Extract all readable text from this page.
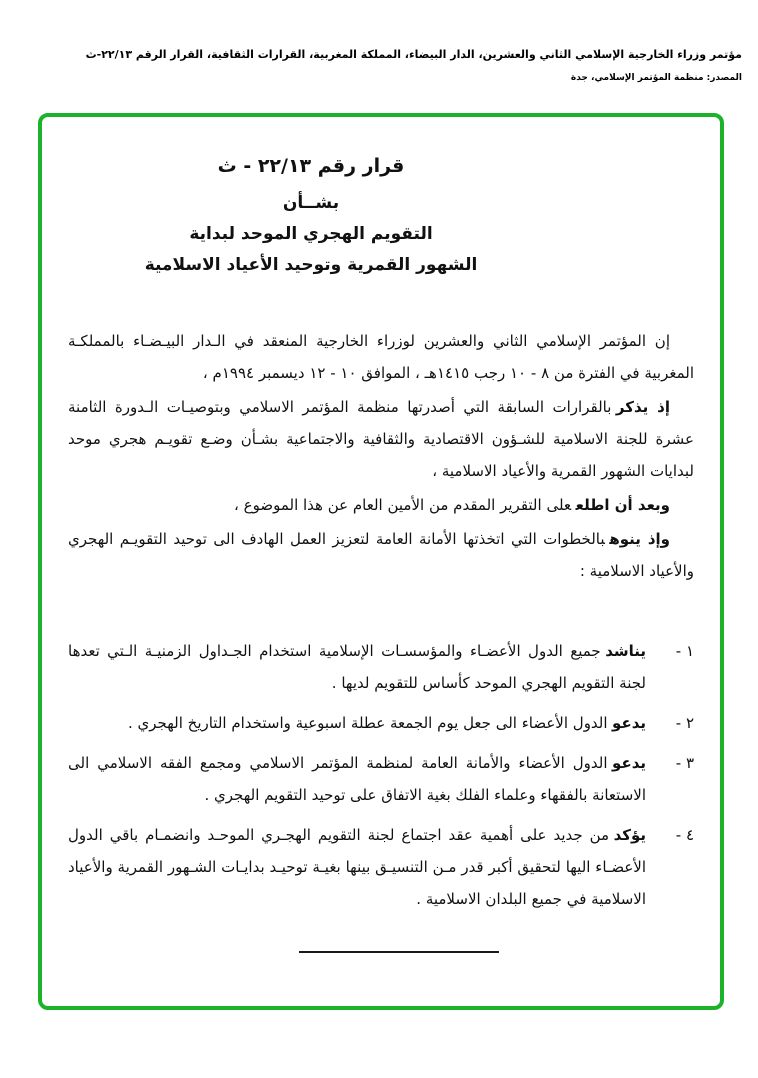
مؤتمر وزراء الخارجية الإسلامي الثاني والعشرين، الدار البيضاء، المملكة المغربية، القرارات الثقافية، القرار الرقم ٢٢/١٣-ث
المصدر: منظمة المؤتمر الإسلامي، جدة
قرار رقم ٢٢/١٣ - ث
بشــأن
التقويم الهجري الموحد لبداية
الشهور القمرية وتوحيد الأعياد الاسلامية

إن المؤتمر الإسلامي الثاني والعشرين لوزراء الخارجية المنعقد في الـدار البيـضـاء بالمملكـة المغربية في الفترة من ٨ - ١٠ رجب ١٤١٥هـ ، الموافق ١٠ - ١٢ ديسمبر ١٩٩٤م ،

إذ يذكربالقرارات السابقة التي أصدرتها منظمة المؤتمر الاسلامي وبتوصيـات الـدورة الثامنة عشرة للجنة الاسلامية للشـؤون الاقتصادية والثقافية والاجتماعية بشـأن وضـع تقويـم هجري موحد لبدايات الشهور القمرية والأعياد الاسلامية ،

وبعد أن اطلععلى التقرير المقدم من الأمين العام عن هذا الموضوع ،

وإذ ينوهبالخطوات التي اتخذتها الأمانة العامة لتعزيز العمل الهادف الى توحيد التقويـم الهجري والأعياد الاسلامية :

١ -

يناشدجميع الدول الأعضـاء والمؤسسـات الإسلامية استخدام الجـداول الزمنيـة الـتي تعدها لجنة التقويم الهجري الموحد كأساس للتقويم لديها .

٢ -

يدعوالدول الأعضاء الى جعل يوم الجمعة عطلة اسبوعية واستخدام التاريخ الهجري .

٣ -

يدعوالدول الأعضاء والأمانة العامة لمنظمة المؤتمر الاسلامي ومجمع الفقه الاسلامي الى الاستعانة بالفقهاء وعلماء الفلك بغية الاتفاق على توحيد التقويم الهجري .

٤ -

يؤكدمن جديد على أهمية عقد اجتماع لجنة التقويم الهجـري الموحـد وانضمـام باقي الدول الأعضـاء اليها لتحقيق أكبر قدر مـن التنسيـق بينها بغيـة توحيـد بدايـات الشـهور القمرية والأعياد الاسلامية في جميع البلدان الاسلامية .
